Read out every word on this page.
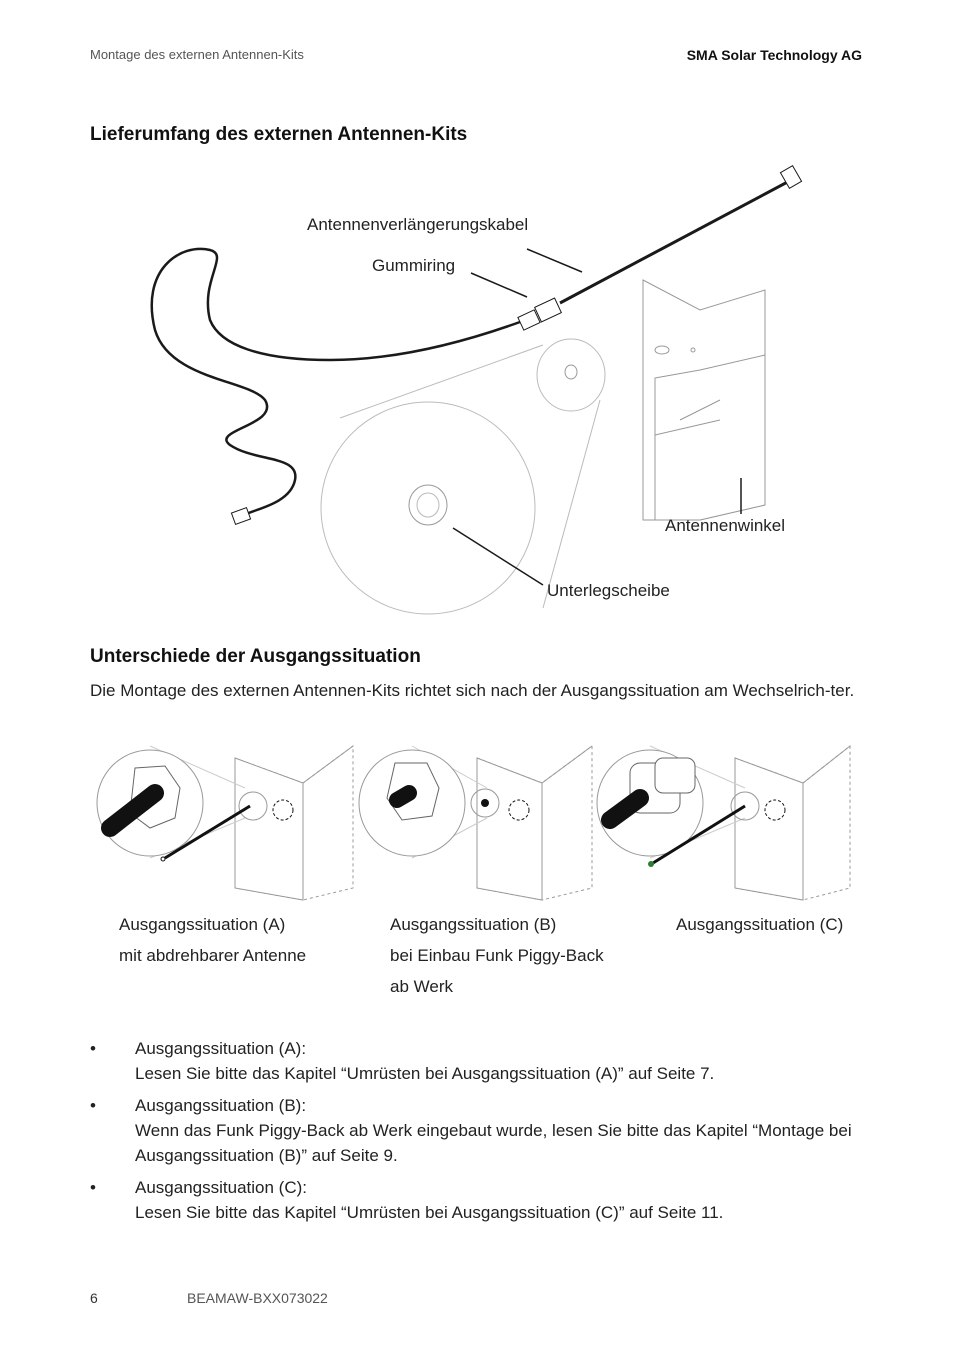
Montage des externen Antennen-Kits	SMA Solar Technology AG
Lieferumfang des externen Antennen-Kits
Antennenverlängerungskabel
Gummiring
Antennenwinkel
Unterlegscheibe
Unterschiede der Ausgangssituation
Die Montage des externen Antennen-Kits richtet sich nach der Ausgangssituation am Wechselrich-ter.
Ausgangssituation (A)
mit abdrehbarer Antenne
Ausgangssituation (B)
bei Einbau Funk Piggy-Back
ab Werk
Ausgangssituation (C)
• Ausgangssituation (A):
Lesen Sie bitte das Kapitel “Umrüsten bei Ausgangssituation (A)” auf Seite 7.
• Ausgangssituation (B):
Wenn das Funk Piggy-Back ab Werk eingebaut wurde, lesen Sie bitte das Kapitel “Montage bei Ausgangssituation (B)” auf Seite 9.
• Ausgangssituation (C):
Lesen Sie bitte das Kapitel “Umrüsten bei Ausgangssituation (C)” auf Seite 11.
6	BEAMAW-BXX073022
